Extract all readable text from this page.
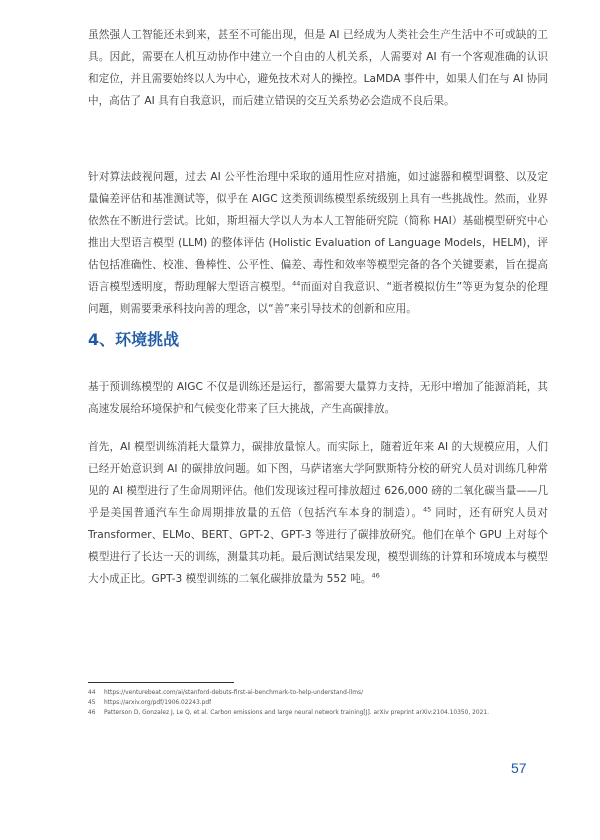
虽然强人工智能还未到来，甚至不可能出现，但是 AI 已经成为人类社会生产生活中不可或缺的工具。因此，需要在人机互动协作中建立一个自由的人机关系，人需要对 AI 有一个客观准确的认识和定位，并且需要始终以人为中心，避免技术对人的操控。LaMDA 事件中，如果人们在与 AI 协同中，高估了 AI 具有自我意识，而后建立错误的交互关系势必会造成不良后果。

针对算法歧视问题，过去 AI 公平性治理中采取的通用性应对措施，如过滤器和模型调整、以及定量偏差评估和基准测试等，似乎在 AIGC 这类预训练模型系统级别上具有一些挑战性。然而，业界依然在不断进行尝试。比如，斯坦福大学以人为本人工智能研究院（简称 HAI）基础模型研究中心推出大型语言模型 (LLM) 的整体评估 (Holistic Evaluation of Language Models，HELM)，评估包括准确性、校准、鲁棒性、公平性、偏差、毒性和效率等模型完备的各个关键要素，旨在提高语言模型透明度，帮助理解大型语言模型。$^{44}$而面对自我意识、“逝者模拟仿生”等更为复杂的伦理问题，则需要秉承科技向善的理念，以“善”来引导技术的创新和应用。

4、环境挑战

基于预训练模型的 AIGC 不仅是训练还是运行，都需要大量算力支持，无形中增加了能源消耗，其高速发展给环境保护和气候变化带来了巨大挑战，产生高碳排放。

首先，AI 模型训练消耗大量算力，碳排放量惊人。而实际上，随着近年来 AI 的大规模应用，人们已经开始意识到 AI 的碳排放问题。如下图，马萨诸塞大学阿默斯特分校的研究人员对训练几种常见的 AI 模型进行了生命周期评估。他们发现该过程可排放超过 626,000 磅的二氧化碳当量——几乎是美国普通汽车生命周期排放量的五倍（包括汽车本身的制造）。$^{45}$ 同时，还有研究人员对 Transformer、ELMo、BERT、GPT-2、GPT-3 等进行了碳排放研究。他们在单个 GPU 上对每个模型进行了长达一天的训练，测量其功耗。最后测试结果发现，模型训练的计算和环境成本与模型大小成正比。GPT-3 模型训练的二氧化碳排放量为 552 吨。$^{46}$

44	https://venturebeat.com/ai/stanford-debuts-first-ai-benchmark-to-help-understand-llms/
45	https://arxiv.org/pdf/1906.02243.pdf
46	Patterson D, Gonzalez J, Le Q, et al. Carbon emissions and large neural network training[J]. arXiv preprint arXiv:2104.10350, 2021.
57
